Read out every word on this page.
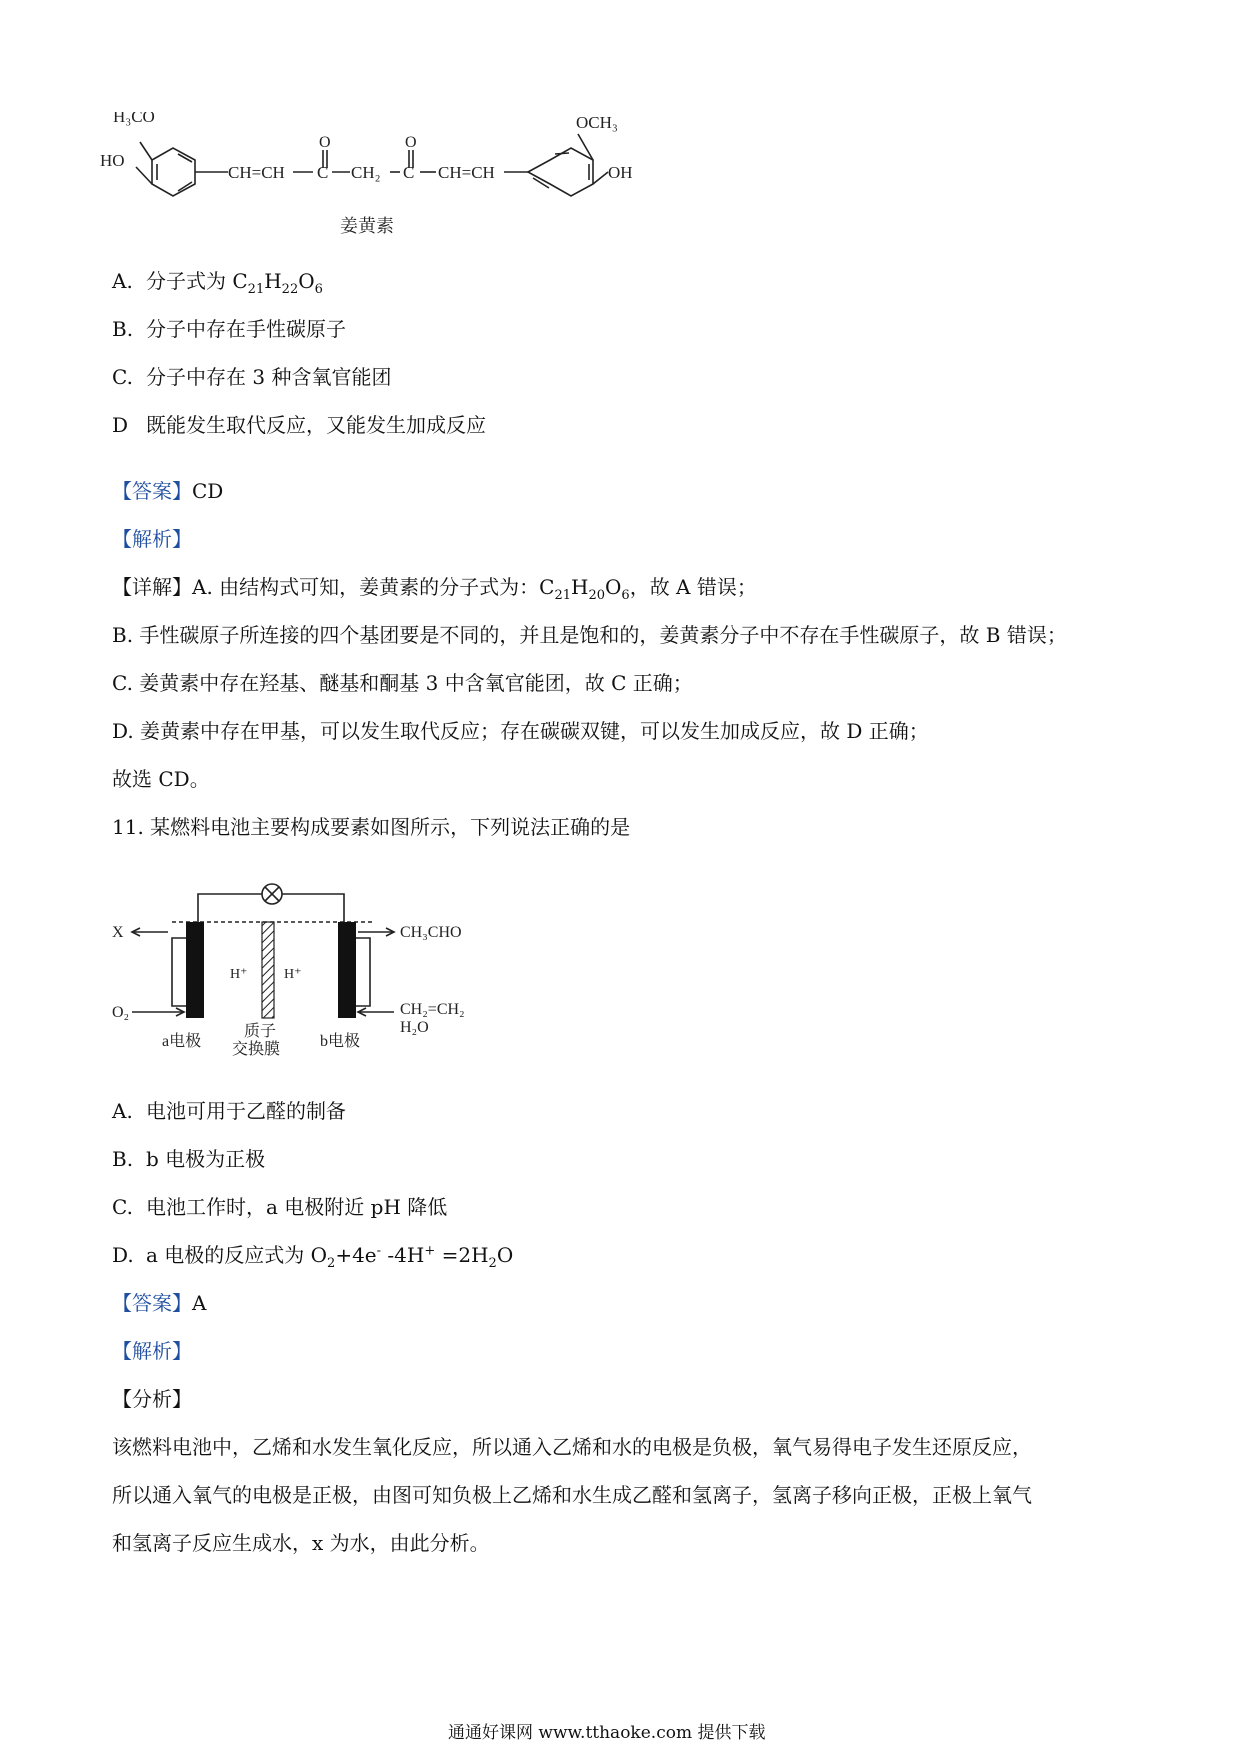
H₃CO
HO
CH=CH
O
C CH₂
O
C CH=CH
OCH₃
OH
姜黄素
A. 分子式为 $C_{21}H_{22}O_6$
B. 分子中存在手性碳原子
C. 分子中存在 3 种含氧官能团
D 既能发生取代反应，又能发生加成反应
【答案】CD
【解析】
【详解】A. 由结构式可知，姜黄素的分子式为：$C_{21}H_{20}O_6$，故 A 错误；
B. 手性碳原子所连接的四个基团要是不同的，并且是饱和的，姜黄素分子中不存在手性碳原子，故 B 错误；
C. 姜黄素中存在羟基、醚基和酮基 3 中含氧官能团，故 C 正确；
D. 姜黄素中存在甲基，可以发生取代反应；存在碳碳双键，可以发生加成反应，故 D 正确；
故选 CD。
11. 某燃料电池主要构成要素如图所示，下列说法正确的是
X
O₂
CH₃CHO
CH₂=CH₂
H₂O
H⁺	H⁺
质子
交换膜
a电极	b电极
A. 电池可用于乙醛的制备
B. b 电极为正极
C. 电池工作时，a 电极附近 pH 降低
D. a 电极的反应式为 $O_2+4e^-$ $-4H^+ =2H_2O$
【答案】A
【解析】
【分析】
该燃料电池中，乙烯和水发生氧化反应，所以通入乙烯和水的电极是负极，氧气易得电子发生还原反应，
所以通入氧气的电极是正极，由图可知负极上乙烯和水生成乙醛和氢离子，氢离子移向正极，正极上氧气
和氢离子反应生成水，x 为水，由此分析。
通通好课网 www.tthaoke.com 提供下载
